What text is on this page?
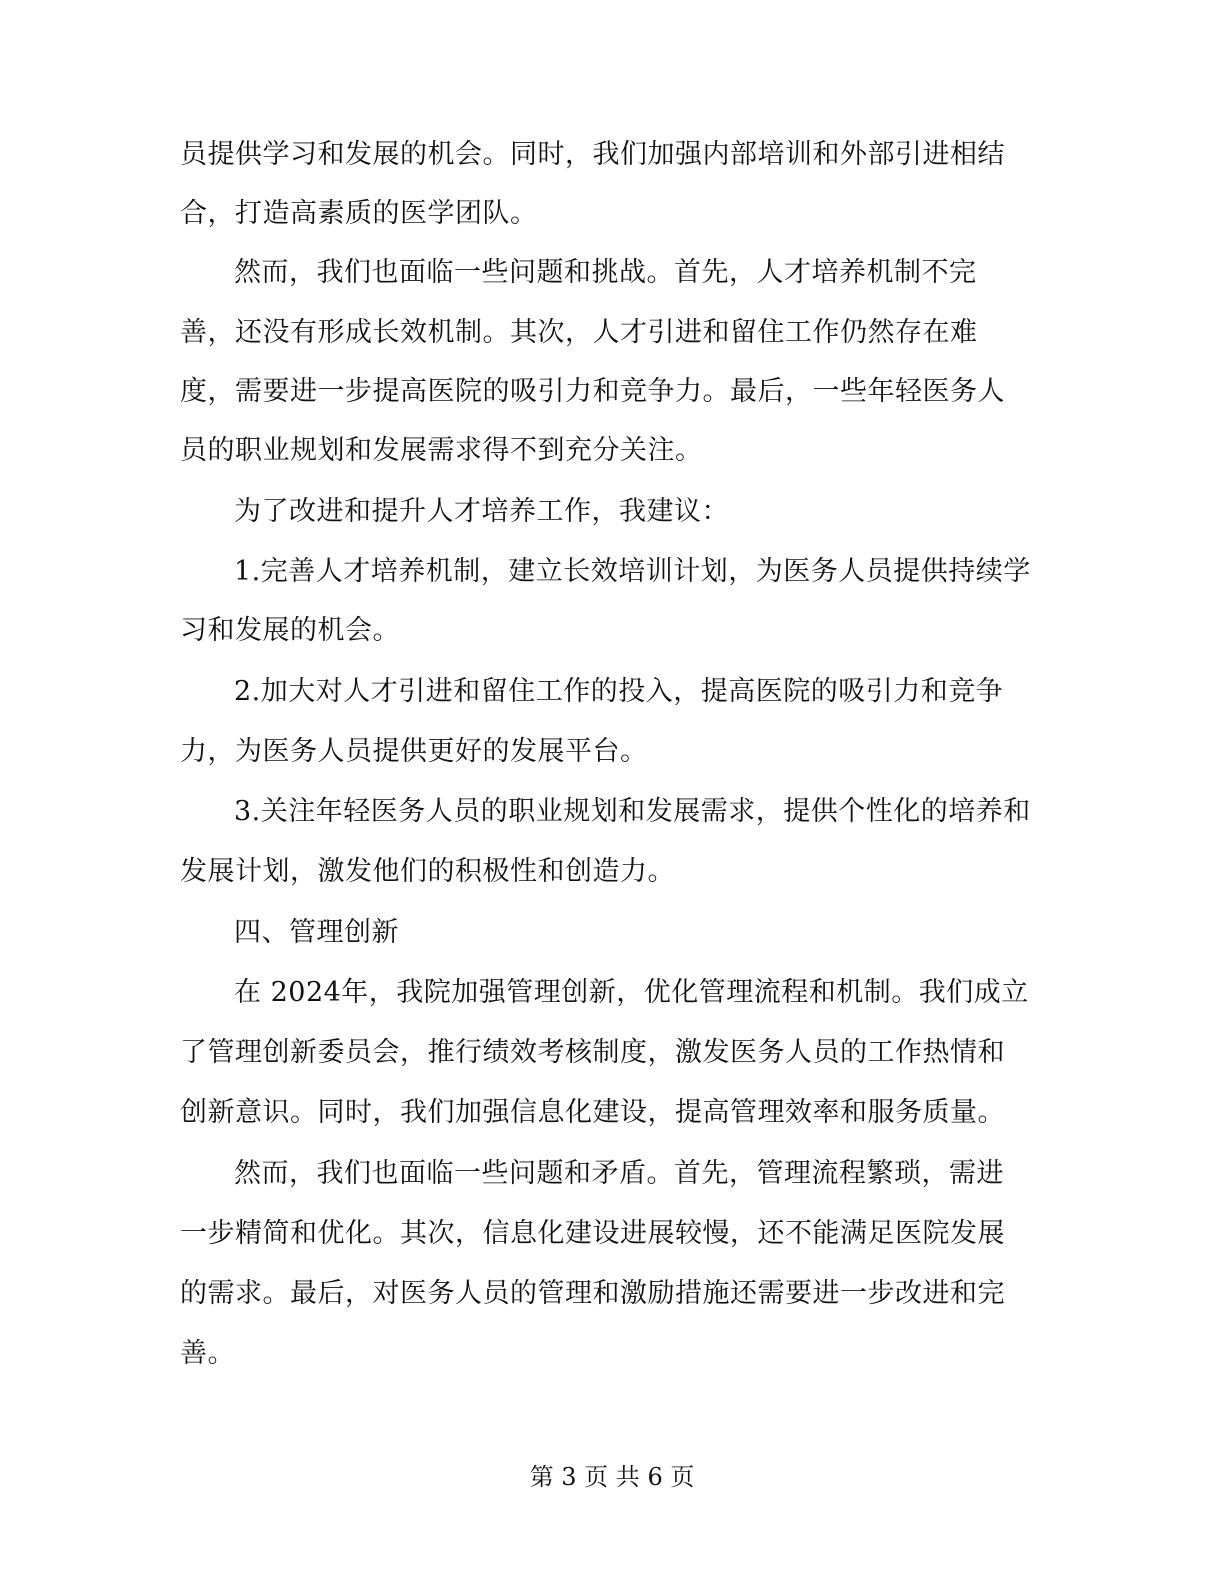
员提供学习和发展的机会。同时，我们加强内部培训和外部引进相结
合，打造高素质的医学团队。
然而，我们也面临一些问题和挑战。首先，人才培养机制不完
善，还没有形成长效机制。其次，人才引进和留住工作仍然存在难
度，需要进一步提高医院的吸引力和竞争力。最后，一些年轻医务人
员的职业规划和发展需求得不到充分关注。
为了改进和提升人才培养工作，我建议：
1.完善人才培养机制，建立长效培训计划，为医务人员提供持续学
习和发展的机会。
2.加大对人才引进和留住工作的投入，提高医院的吸引力和竞争
力，为医务人员提供更好的发展平台。
3.关注年轻医务人员的职业规划和发展需求，提供个性化的培养和
发展计划，激发他们的积极性和创造力。
四、管理创新
在 2024年，我院加强管理创新，优化管理流程和机制。我们成立
了管理创新委员会，推行绩效考核制度，激发医务人员的工作热情和
创新意识。同时，我们加强信息化建设，提高管理效率和服务质量。
然而，我们也面临一些问题和矛盾。首先，管理流程繁琐，需进
一步精简和优化。其次，信息化建设进展较慢，还不能满足医院发展
的需求。最后，对医务人员的管理和激励措施还需要进一步改进和完
善。
第 3 页 共 6 页
